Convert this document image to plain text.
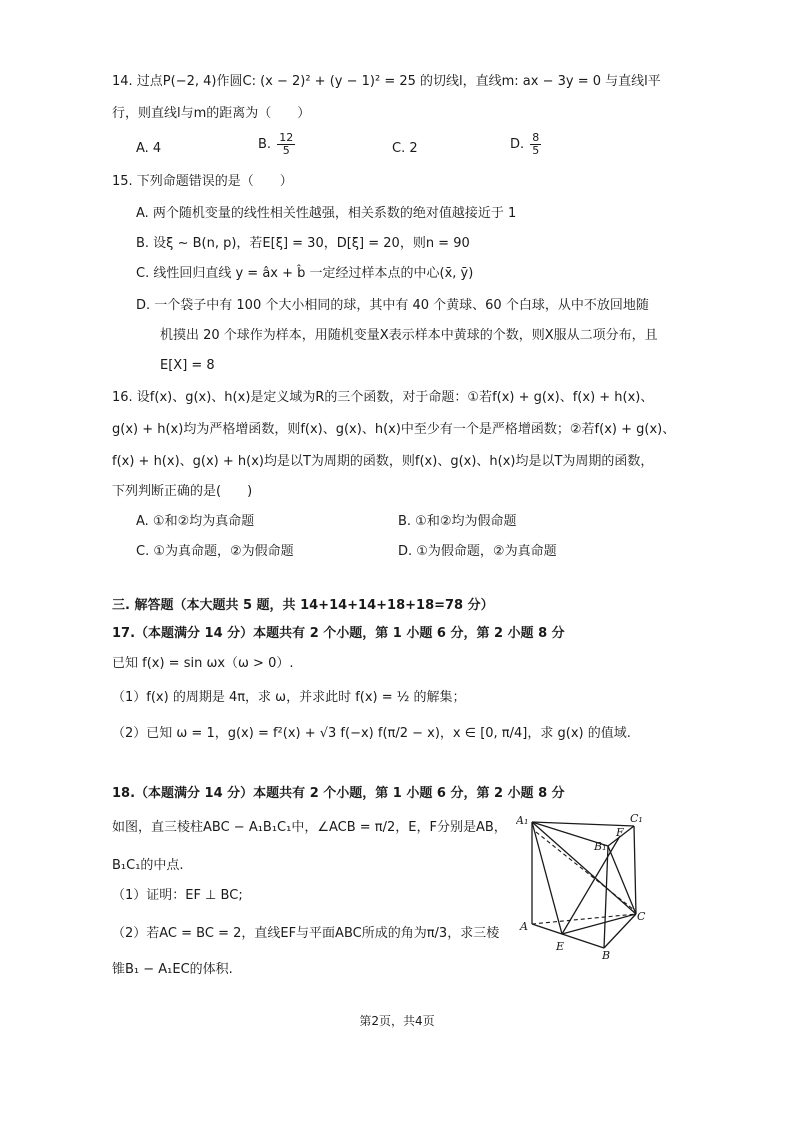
14. 过点P(−2, 4)作圆C: (x − 2)² + (y − 1)² = 25 的切线l，直线m: ax − 3y = 0 与直线l平
行，则直线l与m的距离为（　　）
A. 4	B. $\frac{12}{5}$	C. 2	D. $\frac{8}{5}$
15. 下列命题错误的是（　　）
A. 两个随机变量的线性相关性越强，相关系数的绝对值越接近于 1
B. 设ξ ~ B(n, p)，若E[ξ] = 30，D[ξ] = 20，则n = 90
C. 线性回归直线 y = âx + b̂ 一定经过样本点的中心(x̄, ȳ)
D. 一个袋子中有 100 个大小相同的球，其中有 40 个黄球、60 个白球，从中不放回地随
机摸出 20 个球作为样本，用随机变量X表示样本中黄球的个数，则X服从二项分布，且
E[X] = 8
16. 设f(x)、g(x)、h(x)是定义域为R的三个函数，对于命题：①若f(x) + g(x)、f(x) + h(x)、
g(x) + h(x)均为严格增函数，则f(x)、g(x)、h(x)中至少有一个是严格增函数；②若f(x) + g(x)、
f(x) + h(x)、g(x) + h(x)均是以T为周期的函数，则f(x)、g(x)、h(x)均是以T为周期的函数，
下列判断正确的是(　　)
A. ①和②均为真命题	B. ①和②均为假命题
C. ①为真命题，②为假命题	D. ①为假命题，②为真命题
三. 解答题（本大题共 5 题，共 14+14+14+18+18=78 分）
17.（本题满分 14 分）本题共有 2 个小题，第 1 小题 6 分，第 2 小题 8 分
已知 f(x) = sin ωx（ω > 0）.
（1）f(x) 的周期是 4π，求 ω，并求此时 f(x) = ½ 的解集；
（2）已知 ω = 1，g(x) = f²(x) + √3 f(−x) f(π/2 − x)，x ∈ [0, π/4]，求 g(x) 的值域.
18.（本题满分 14 分）本题共有 2 个小题，第 1 小题 6 分，第 2 小题 8 分
如图，直三棱柱ABC − A₁B₁C₁中，∠ACB = π/2，E，F分别是AB，
B₁C₁的中点.
（1）证明：EF ⊥ BC;
（2）若AC = BC = 2，直线EF与平面ABC所成的角为π/3，求三棱
锥B₁ − A₁EC的体积.
A₁	C₁
B₁
F
A
E
B
C
第2页，共4页
